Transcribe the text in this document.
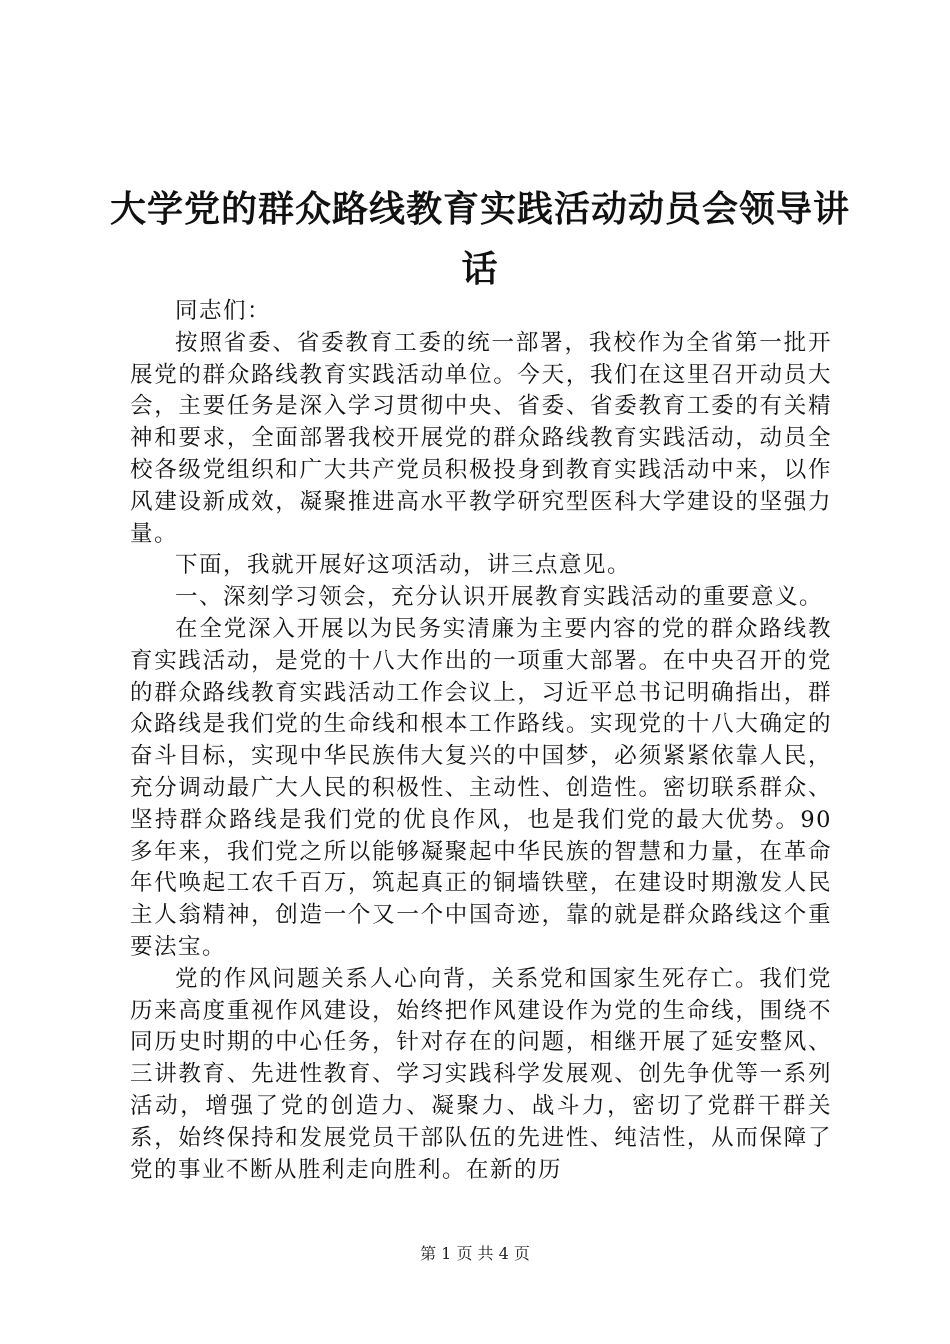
大学党的群众路线教育实践活动动员会领导讲话

同志们：

按照省委、省委教育工委的统一部署，我校作为全省第一批开展党的群众路线教育实践活动单位。今天，我们在这里召开动员大会，主要任务是深入学习贯彻中央、省委、省委教育工委的有关精神和要求，全面部署我校开展党的群众路线教育实践活动，动员全校各级党组织和广大共产党员积极投身到教育实践活动中来，以作风建设新成效，凝聚推进高水平教学研究型医科大学建设的坚强力量。

下面，我就开展好这项活动，讲三点意见。

一、深刻学习领会，充分认识开展教育实践活动的重要意义。

在全党深入开展以为民务实清廉为主要内容的党的群众路线教育实践活动，是党的十八大作出的一项重大部署。在中央召开的党的群众路线教育实践活动工作会议上，习近平总书记明确指出，群众路线是我们党的生命线和根本工作路线。实现党的十八大确定的奋斗目标，实现中华民族伟大复兴的中国梦，必须紧紧依靠人民，充分调动最广大人民的积极性、主动性、创造性。密切联系群众、坚持群众路线是我们党的优良作风，也是我们党的最大优势。90多年来，我们党之所以能够凝聚起中华民族的智慧和力量，在革命年代唤起工农千百万，筑起真正的铜墙铁壁，在建设时期激发人民主人翁精神，创造一个又一个中国奇迹，靠的就是群众路线这个重要法宝。

党的作风问题关系人心向背，关系党和国家生死存亡。我们党历来高度重视作风建设，始终把作风建设作为党的生命线，围绕不同历史时期的中心任务，针对存在的问题，相继开展了延安整风、三讲教育、先进性教育、学习实践科学发展观、创先争优等一系列活动，增强了党的创造力、凝聚力、战斗力，密切了党群干群关系，始终保持和发展党员干部队伍的先进性、纯洁性，从而保障了党的事业不断从胜利走向胜利。在新的历

第 1 页 共 4 页
